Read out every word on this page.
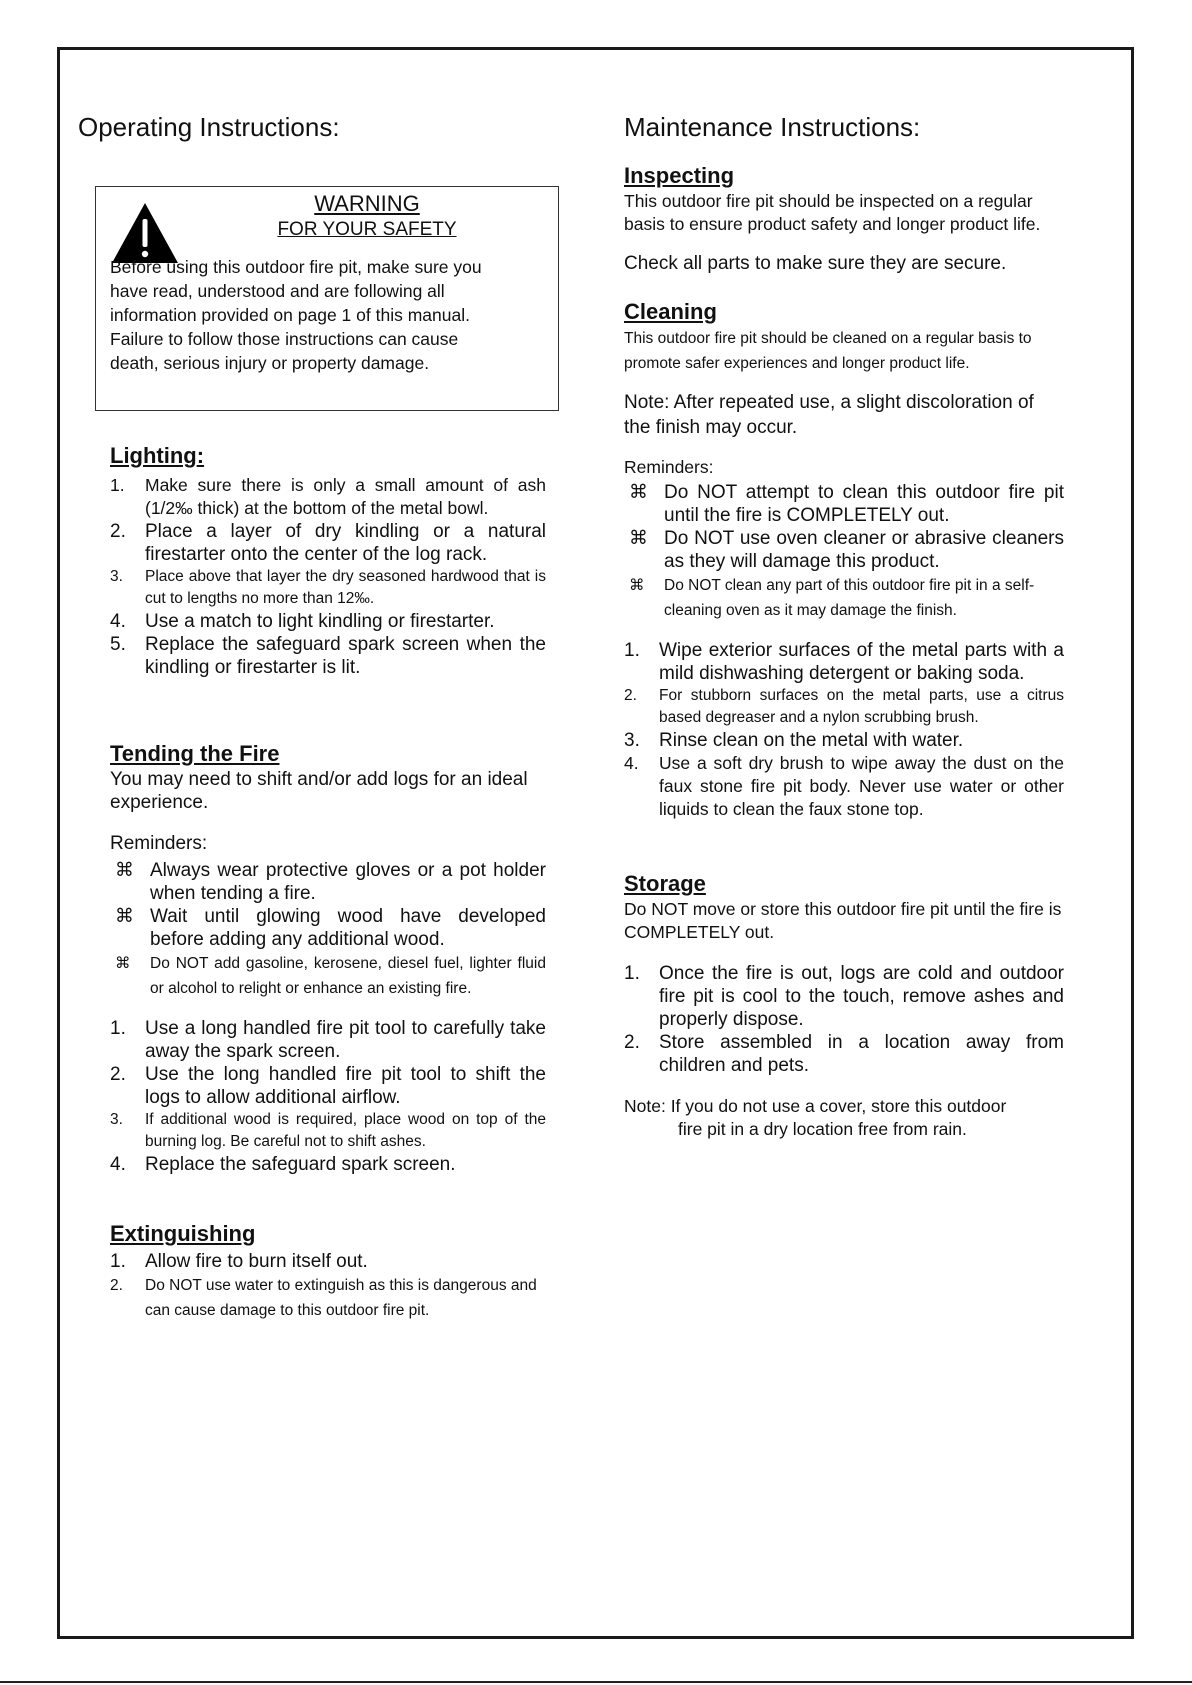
Operating Instructions:
WARNING
FOR YOUR SAFETY
Before using this outdoor fire pit, make sure you
have read, understood and are following all
information provided on page 1 of this manual.
Failure to follow those instructions can cause
death, serious injury or property damage.
Lighting:
1. Make sure there is only a small amount of ash (1/2‰ thick) at the bottom of the metal bowl.
2. Place a layer of dry kindling or a natural firestarter onto the center of the log rack.
3. Place above that layer the dry seasoned hardwood that is cut to lengths no more than 12‰.
4. Use a match to light kindling or firestarter.
5. Replace the safeguard spark screen when the kindling or firestarter is lit.
Tending the Fire

You may need to shift and/or add logs for an ideal experience.

Reminders:

⌘ Always wear protective gloves or a pot holder when tending a fire.
⌘ Wait until glowing wood have developed before adding any additional wood.
⌘ Do NOT add gasoline, kerosene, diesel fuel, lighter fluid or alcohol to relight or enhance an existing fire.
1. Use a long handled fire pit tool to carefully take away the spark screen.
2. Use the long handled fire pit tool to shift the logs to allow additional airflow.
3. If additional wood is required, place wood on top of the burning log. Be careful not to shift ashes.
4. Replace the safeguard spark screen.
Extinguishing
1. Allow fire to burn itself out.
2. Do NOT use water to extinguish as this is dangerous and can cause damage to this outdoor fire pit.
Maintenance Instructions:
Inspecting

This outdoor fire pit should be inspected on a regular basis to ensure product safety and longer product life.

Check all parts to make sure they are secure.

Cleaning

This outdoor fire pit should be cleaned on a regular basis to promote safer experiences and longer product life.

Note: After repeated use, a slight discoloration of the finish may occur.

Reminders:

⌘ Do NOT attempt to clean this outdoor fire pit until the fire is COMPLETELY out.
⌘ Do NOT use oven cleaner or abrasive cleaners as they will damage this product.
⌘ Do NOT clean any part of this outdoor fire pit in a self-cleaning oven as it may damage the finish.
1. Wipe exterior surfaces of the metal parts with a mild dishwashing detergent or baking soda.
2. For stubborn surfaces on the metal parts, use a citrus based degreaser and a nylon scrubbing brush.
3. Rinse clean on the metal with water.
4. Use a soft dry brush to wipe away the dust on the faux stone fire pit body. Never use water or other liquids to clean the faux stone top.
Storage

Do NOT move or store this outdoor fire pit until the fire is COMPLETELY out.

1. Once the fire is out, logs are cold and outdoor fire pit is cool to the touch, remove ashes and properly dispose.
2. Store assembled in a location away from children and pets.

Note: If you do not use a cover, store this outdoor

fire pit in a dry location free from rain.
